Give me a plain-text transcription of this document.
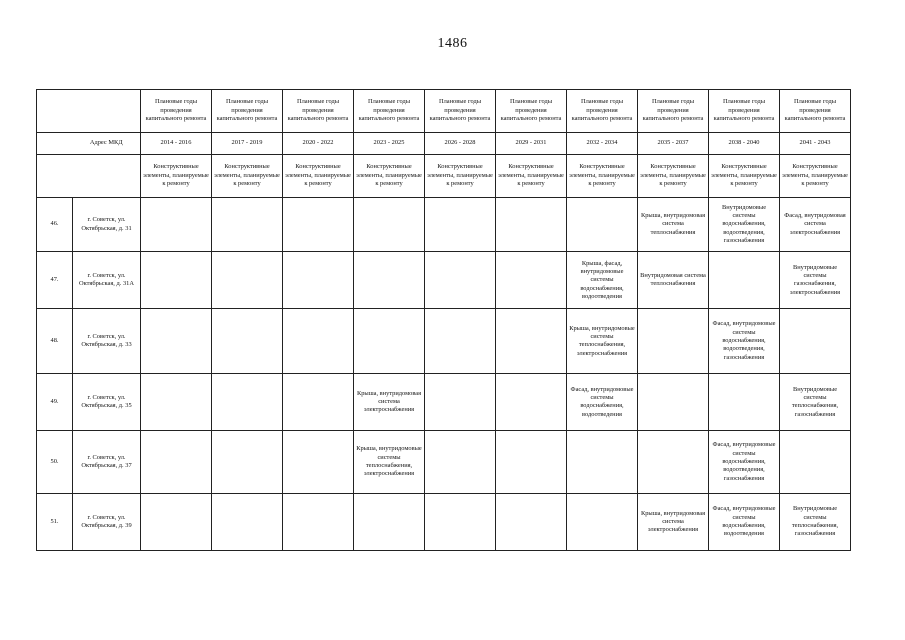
1486
		Плановые годы проведения капитального ремонта	Плановые годы проведения капитального ремонта	Плановые годы проведения капитального ремонта	Плановые годы проведения капитального ремонта	Плановые годы проведения капитального ремонта	Плановые годы проведения капитального ремонта	Плановые годы проведения капитального ремонта	Плановые годы проведения капитального ремонта	Плановые годы проведения капитального ремонта	Плановые годы проведения капитального ремонта
	Адрес МКД	2014 - 2016	2017 - 2019	2020 - 2022	2023 - 2025	2026 - 2028	2029 - 2031	2032 - 2034	2035 - 2037	2038 - 2040	2041 - 2043
		Конструктивные элементы, планируемые к ремонту	Конструктивные элементы, планируемые к ремонту	Конструктивные элементы, планируемые к ремонту	Конструктивные элементы, планируемые к ремонту	Конструктивные элементы, планируемые к ремонту	Конструктивные элементы, планируемые к ремонту	Конструктивные элементы, планируемые к ремонту	Конструктивные элементы, планируемые к ремонту	Конструктивные элементы, планируемые к ремонту	Конструктивные элементы, планируемые к ремонту
46.	г. Советск, ул. Октябрьская, д. 31								Крыша, внутридомовая система теплоснабжения	Внутридомовые системы водоснабжения, водоотведения, газоснабжения	Фасад, внутридомовая система электроснабжения
47.	г. Советск, ул. Октябрьская, д. 31А							Крыша, фасад, внутридомовые системы водоснабжения, водоотведения	Внутридомовая система теплоснабжения		Внутридомовые системы газоснабжения, электроснабжения
48.	г. Советск, ул. Октябрьская, д. 33							Крыша, внутридомовые системы теплоснабжения, электроснабжения		Фасад, внутридомовые системы водоснабжения, водоотведения, газоснабжения	
49.	г. Советск, ул. Октябрьская, д. 35				Крыша, внутридомовая система электроснабжения			Фасад, внутридомовые системы водоснабжения, водоотведения			Внутридомовые системы теплоснабжения, газоснабжения
50.	г. Советск, ул. Октябрьская, д. 37				Крыша, внутридомовые системы теплоснабжения, электроснабжения					Фасад, внутридомовые системы водоснабжения, водоотведения, газоснабжения	
51.	г. Советск, ул. Октябрьская, д. 39								Крыша, внутридомовая система электроснабжения	Фасад, внутридомовые системы водоснабжения, водоотведения	Внутридомовые системы теплоснабжения, газоснабжения
